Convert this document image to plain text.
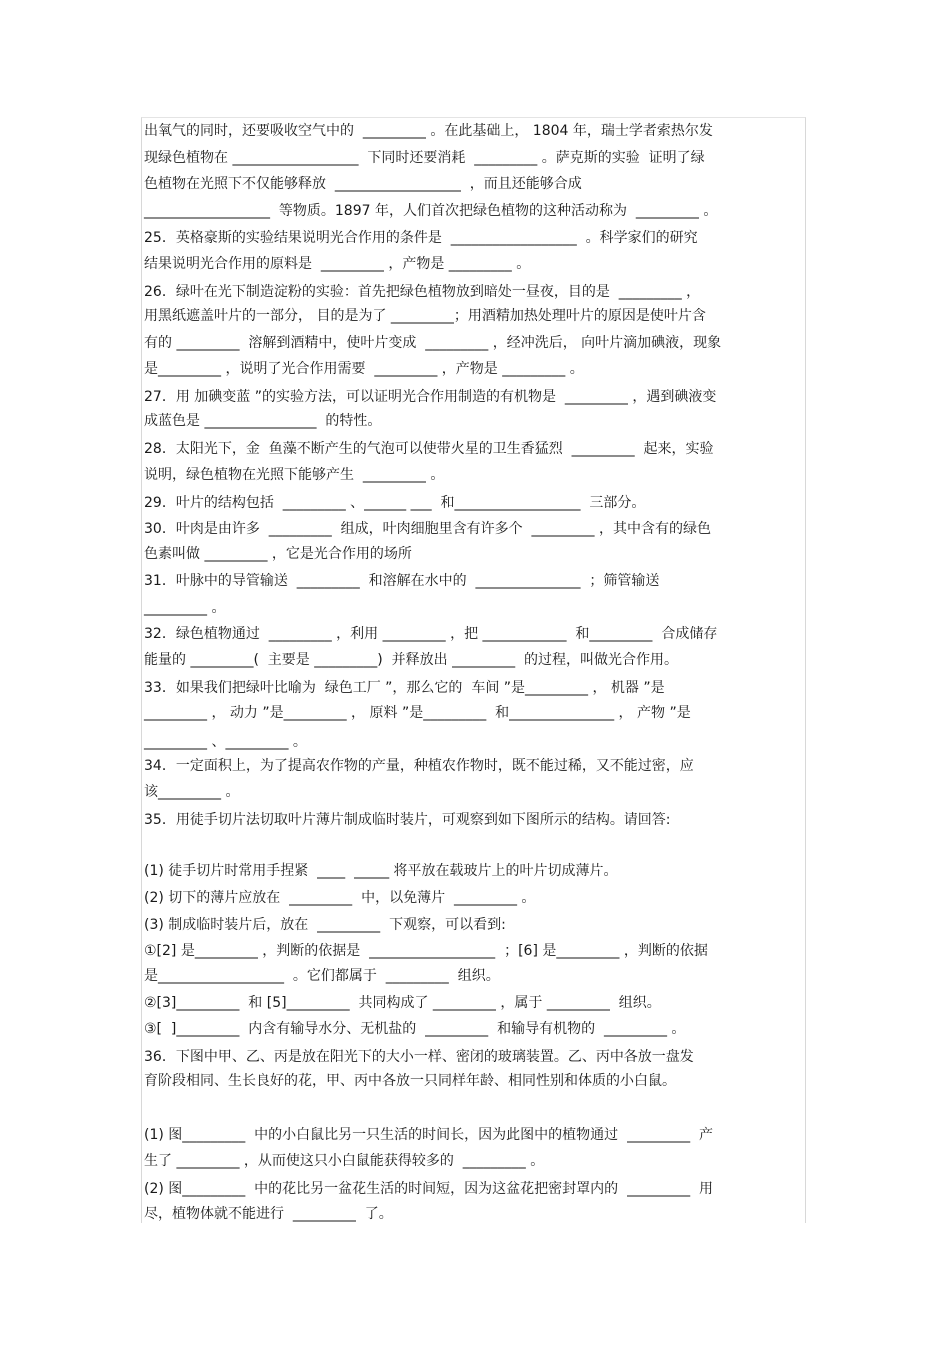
出氧气的同时，还要吸收空气中的  _________ 。在此基础上， 1804 年，瑞士学者索热尔发
现绿色植物在 __________________  下同时还要消耗  _________ 。萨克斯的实验  证明了绿
色植物在光照下不仅能够释放  __________________  ，而且还能够合成
__________________  等物质。1897 年，人们首次把绿色植物的这种活动称为  _________ 。
25．英格豪斯的实验结果说明光合作用的条件是  __________________  。科学家们的研究
结果说明光合作用的原料是  _________ ，产物是 _________ 。
26．绿叶在光下制造淀粉的实验：首先把绿色植物放到暗处一昼夜，目的是  _________ ，
用黑纸遮盖叶片的一部分， 目的是为了 _________；用酒精加热处理叶片的原因是使叶片含
有的 _________  溶解到酒精中，使叶片变成  _________ ，经冲洗后， 向叶片滴加碘液，现象
是_________ ，说明了光合作用需要  _________ ，产物是 _________ 。
27．用 加碘变蓝 ”的实验方法，可以证明光合作用制造的有机物是  _________ ，遇到碘液变
成蓝色是 ________________  的特性。
28．太阳光下，金  鱼藻不断产生的气泡可以使带火星的卫生香猛烈  _________  起来，实验
说明，绿色植物在光照下能够产生  _________ 。
29．叶片的结构包括  _________ 、______ ___  和__________________  三部分。
30．叶肉是由许多  _________  组成，叶肉细胞里含有许多个  _________ ，其中含有的绿色
色素叫做 _________ ，它是光合作用的场所
31．叶脉中的导管输送  _________  和溶解在水中的  _______________  ；筛管输送
_________ 。
32．绿色植物通过  _________ ，利用 _________ ，把 ____________  和_________  合成储存
能量的 _________(  主要是 _________)  并释放出 _________  的过程，叫做光合作用。
33．如果我们把绿叶比喻为  绿色工厂 ”，那么它的  车间 ”是_________ ， 机器 ”是
_________ ， 动力 ”是_________ ， 原料 ”是_________  和_______________ ， 产物 ”是
_________ 、_________ 。
34．一定面积上，为了提高农作物的产量，种植农作物时，既不能过稀，又不能过密，应
该_________ 。
35．用徒手切片法切取叶片薄片制成临时装片，可观察到如下图所示的结构。请回答:
(1) 徒手切片时常用手捏紧  ____  _____ 将平放在载玻片上的叶片切成薄片。
(2) 切下的薄片应放在  _________  中，以免薄片  _________ 。
(3) 制成临时装片后，放在  _________  下观察，可以看到:
①[2] 是_________ ，判断的依据是  __________________  ；[6] 是_________ ，判断的依据
是__________________  。它们都属于  _________  组织。
②[3]_________  和 [5]_________  共同构成了 _________ ，属于 _________  组织。
③[  ]_________  内含有输导水分、无机盐的  _________  和输导有机物的  _________ 。
36．下图中甲、乙、丙是放在阳光下的大小一样、密闭的玻璃装置。乙、丙中各放一盘发
育阶段相同、生长良好的花，甲、丙中各放一只同样年龄、相同性别和体质的小白鼠。
(1) 图_________  中的小白鼠比另一只生活的时间长，因为此图中的植物通过  _________  产
生了 _________ ，从而使这只小白鼠能获得较多的  _________ 。
(2) 图_________  中的花比另一盆花生活的时间短，因为这盆花把密封罩内的  _________  用
尽，植物体就不能进行  _________  了。
